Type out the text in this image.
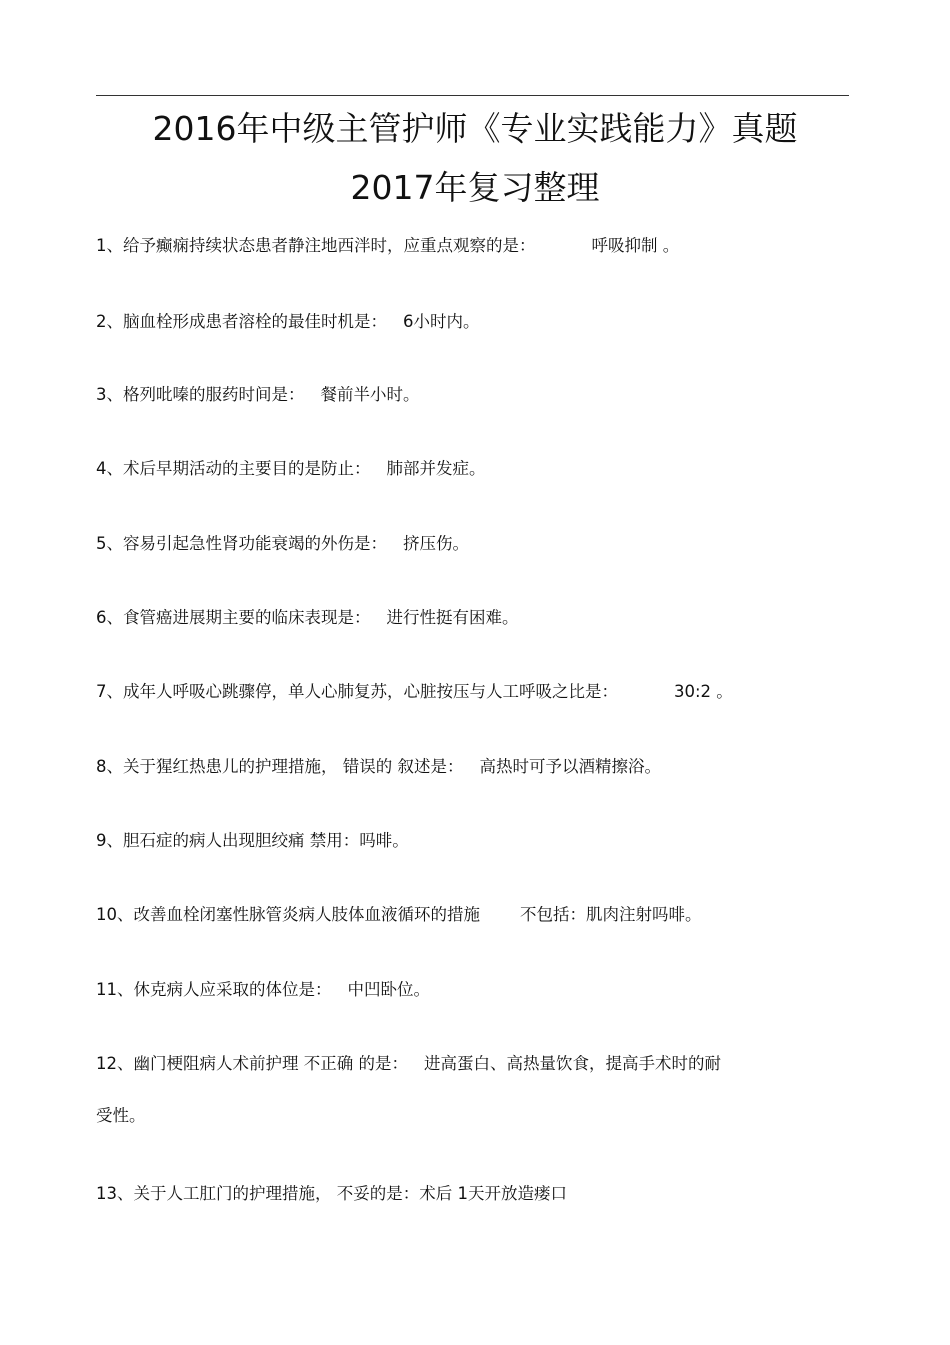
2016年中级主管护师《专业实践能力》真题
2017年复习整理
1、给予癫痫持续状态患者静注地西泮时，应重点观察的是：	呼吸抑制 。
2、脑血栓形成患者溶栓的最佳时机是： 6小时内。
3、格列吡嗪的服药时间是： 餐前半小时。
4、术后早期活动的主要目的是防止： 肺部并发症。
5、容易引起急性肾功能衰竭的外伤是： 挤压伤。
6、食管癌进展期主要的临床表现是： 进行性挺有困难。
7、成年人呼吸心跳骤停，单人心肺复苏，心脏按压与人工呼吸之比是：	30:2 。
8、关于猩红热患儿的护理措施， 错误的 叙述是： 高热时可予以酒精擦浴。
9、胆石症的病人出现胆绞痛 禁用：吗啡。
10、改善血栓闭塞性脉管炎病人肢体血液循环的措施 不包括：肌肉注射吗啡。
11、休克病人应采取的体位是： 中凹卧位。
12、幽门梗阻病人术前护理 不正确 的是： 进高蛋白、高热量饮食，提高手术时的耐
受性。
13、关于人工肛门的护理措施， 不妥的是：术后 1天开放造瘘口
